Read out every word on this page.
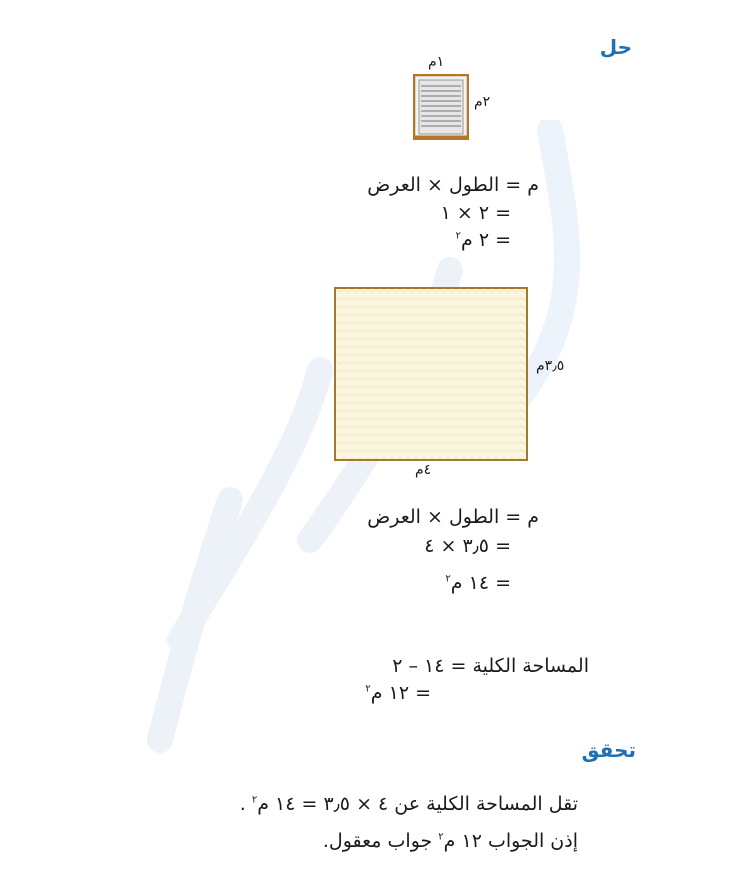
حل
١م
٢م
م = الطول × العرض
= ٢ × ١
= ٢ م$^٢$
٣٫٥م
٤م
م = الطول × العرض
= ٣٫٥ × ٤
= ١٤ م$^٢$
المساحة الكلية = ١٤ – ٢
= ١٢ م$^٢$
تحقق
تقل المساحة الكلية عن ٤ × ٣٫٥ = ١٤ م$^٢$ .
إذن الجواب ١٢ م$^٢$ جواب معقول.
